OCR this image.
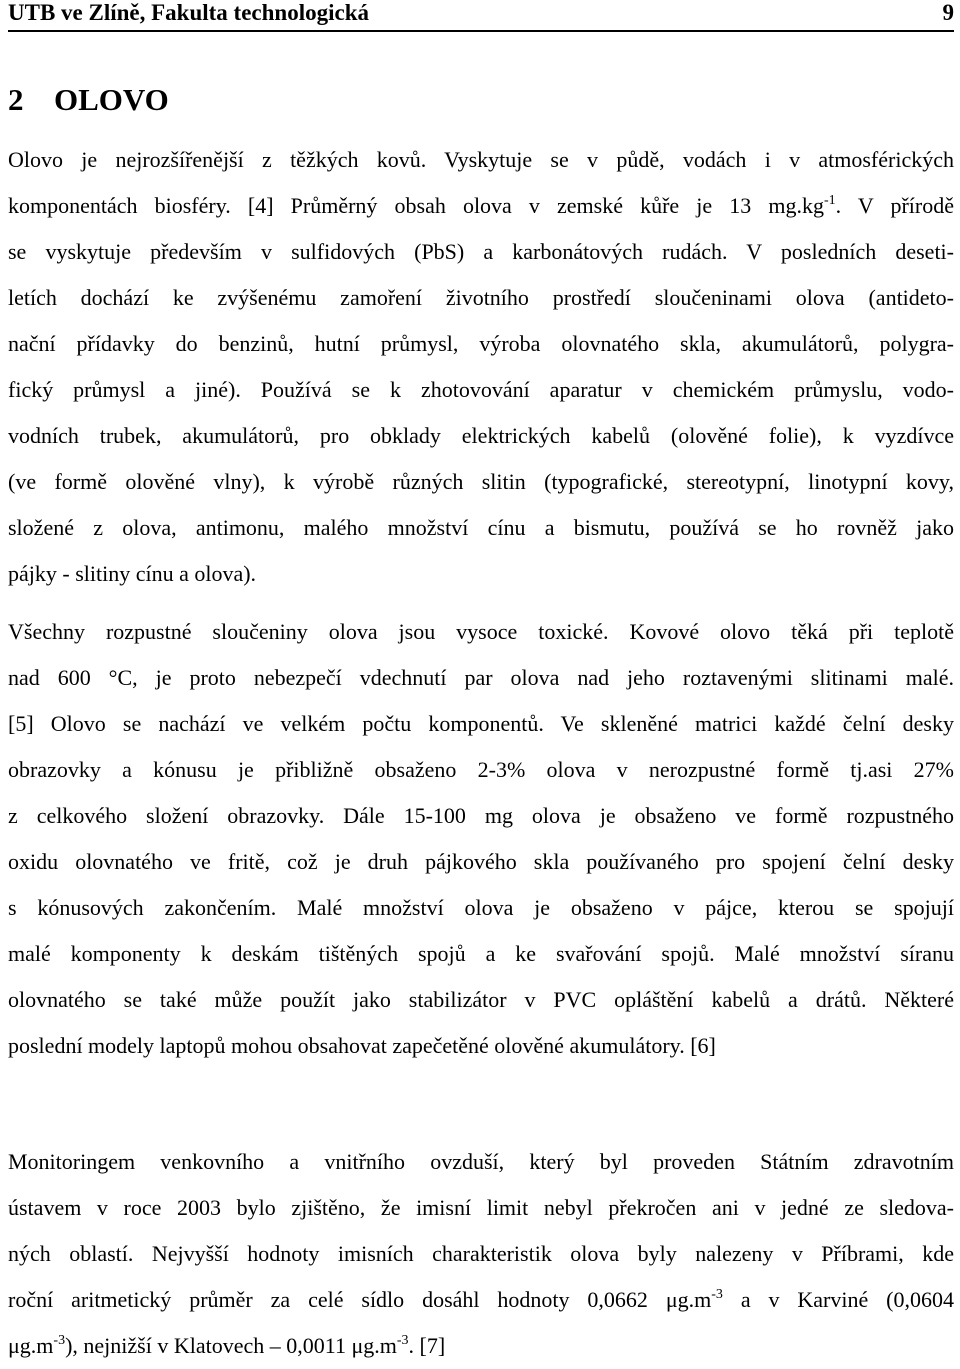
UTB ve Zlíně, Fakulta technologická	9
2 OLOVO
Olovo je nejrozšířenější z těžkých kovů. Vyskytuje se v půdě, vodách i v atmosférických
komponentách biosféry. [4] Průměrný obsah olova v zemské kůře je 13 $mg.kg^{-1}$. V přírodě
se vyskytuje především v sulfidových (PbS) a karbonátových rudách. V posledních deseti-
letích dochází ke zvýšenému zamoření životního prostředí sloučeninami olova (antideto-
nační přídavky do benzinů, hutní průmysl, výroba olovnatého skla, akumulátorů, polygra-
fický průmysl a jiné). Používá se k zhotovování aparatur v chemickém průmyslu, vodo-
vodních trubek, akumulátorů, pro obklady elektrických kabelů (olověné folie), k vyzdívce
(ve formě olověné vlny), k výrobě různých slitin (typografické, stereotypní, linotypní kovy,
složené z olova, antimonu, malého množství cínu a bismutu, používá se ho rovněž jako
pájky - slitiny cínu a olova).
Všechny rozpustné sloučeniny olova jsou vysoce toxické. Kovové olovo těká při teplotě
nad 600 °C, je proto nebezpečí vdechnutí par olova nad jeho roztavenými slitinami malé.
[5] Olovo se nachází ve velkém počtu komponentů. Ve skleněné matrici každé čelní desky
obrazovky a kónusu je přibližně obsaženo 2-3% olova v nerozpustné formě tj.asi 27%
z celkového složení obrazovky. Dále 15-100 mg olova je obsaženo ve formě rozpustného
oxidu olovnatého ve fritě, což je druh pájkového skla používaného pro spojení čelní desky
s kónusových zakončením. Malé množství olova je obsaženo v pájce, kterou se spojují
malé komponenty k deskám tištěných spojů a ke svařování spojů. Malé množství síranu
olovnatého se také může použít jako stabilizátor v PVC opláštění kabelů a drátů. Některé
poslední modely laptopů mohou obsahovat zapečetěné olověné akumulátory. [6]
Monitoringem venkovního a vnitřního ovzduší, který byl proveden Státním zdravotním
ústavem v roce 2003 bylo zjištěno, že imisní limit nebyl překročen ani v jedné ze sledova-
ných oblastí. Nejvyšší hodnoty imisních charakteristik olova byly nalezeny v Příbrami, kde
roční aritmetický průměr za celé sídlo dosáhl hodnoty 0,0662 $\mu g.m^{-3}$ a v Karviné (0,0604
$\mu g.m^{-3}$), nejnižší v Klatovech – 0,0011 $\mu g.m^{-3}$. [7]
